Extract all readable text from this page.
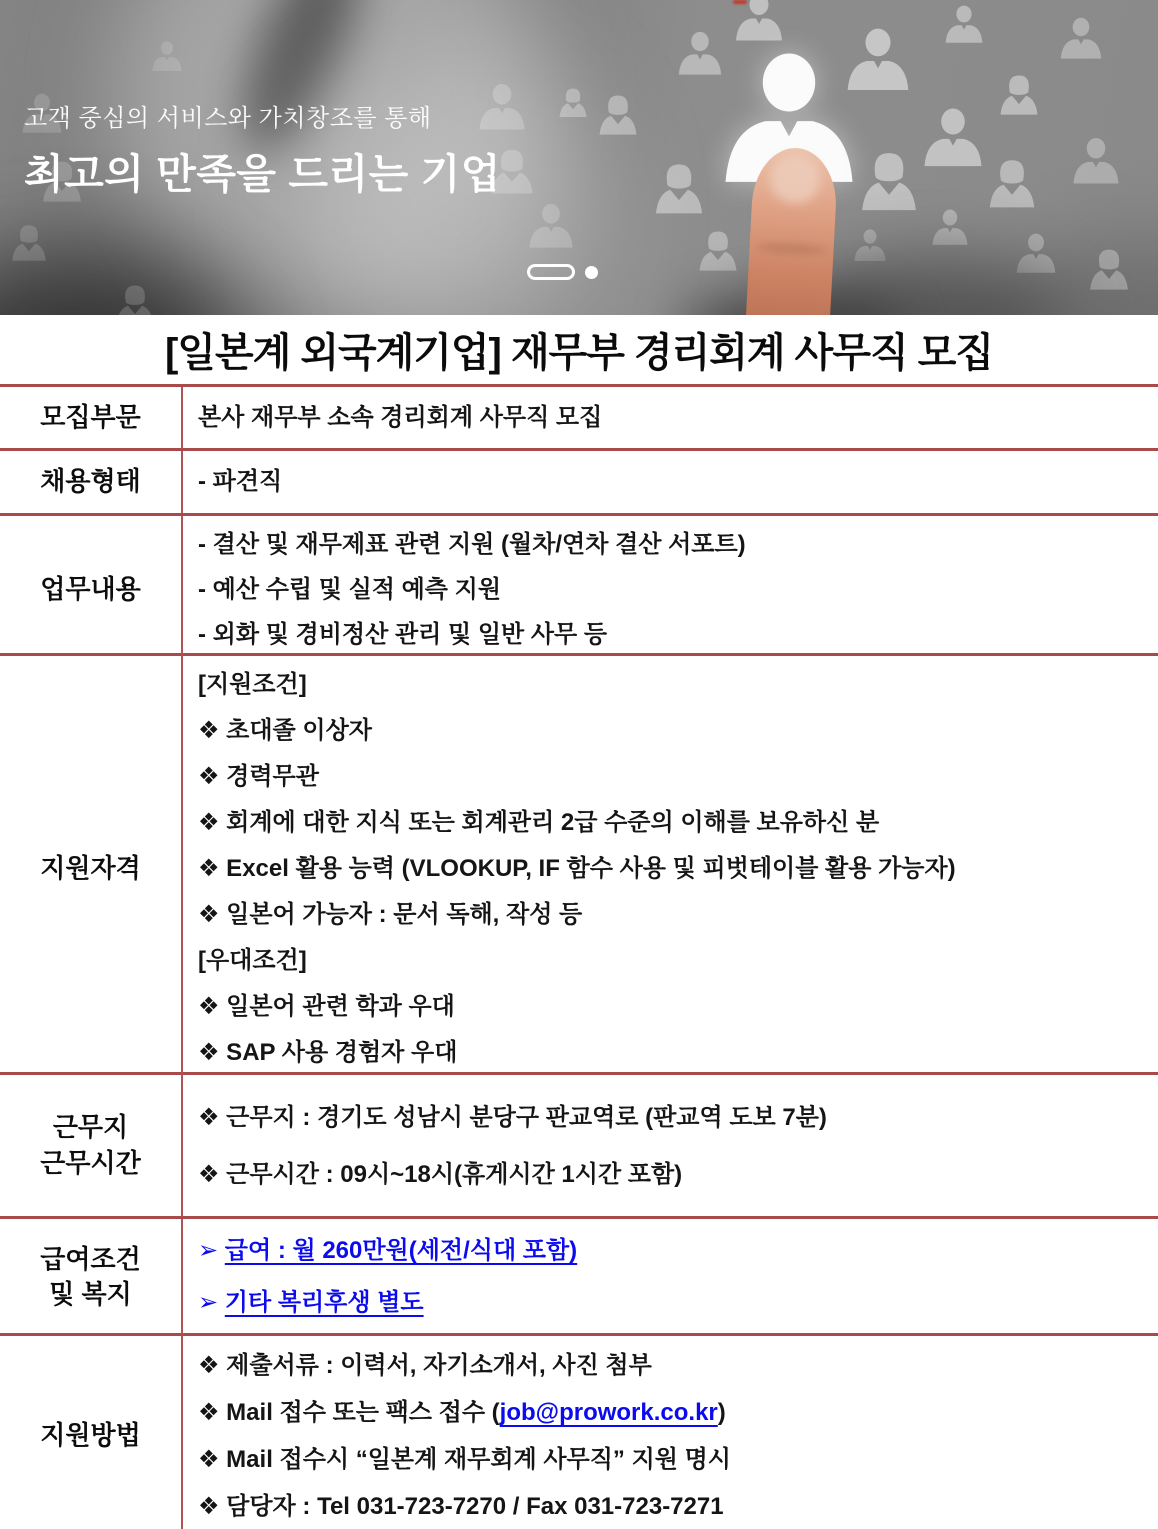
고객 중심의 서비스와 가치창조를 통해
최고의 만족을 드리는 기업
[일본계 외국계기업] 재무부 경리회계 사무직 모집
모집부문 본사 재무부 소속 경리회계 사무직 모집
채용형태 - 파견직
업무내용
- 결산 및 재무제표 관련 지원 (월차/연차 결산 서포트)
- 예산 수립 및 실적 예측 지원
- 외화 및 경비정산 관리 및 일반 사무 등
지원자격
[지원조건]
❖ 초대졸 이상자
❖ 경력무관
❖ 회계에 대한 지식 또는 회계관리 2급 수준의 이해를 보유하신 분
❖ Excel 활용 능력 (VLOOKUP, IF 함수 사용 및 피벗테이블 활용 가능자)
❖ 일본어 가능자 : 문서 독해, 작성 등
[우대조건]
❖ 일본어 관련 학과 우대
❖ SAP 사용 경험자 우대
근무지
근무시간
❖ 근무지 : 경기도 성남시 분당구 판교역로 (판교역 도보 7분)
❖ 근무시간 : 09시~18시(휴게시간 1시간 포함)
급여조건
및 복지
➢ 급여 : 월 260만원(세전/식대 포함)
➢ 기타 복리후생 별도
지원방법
❖ 제출서류 : 이력서, 자기소개서, 사진 첨부
❖ Mail 접수 또는 팩스 접수 (job@prowork.co.kr)
❖ Mail 접수시 “일본계 재무회계 사무직” 지원 명시
❖ 담당자 : Tel 031-723-7270 / Fax 031-723-7271
